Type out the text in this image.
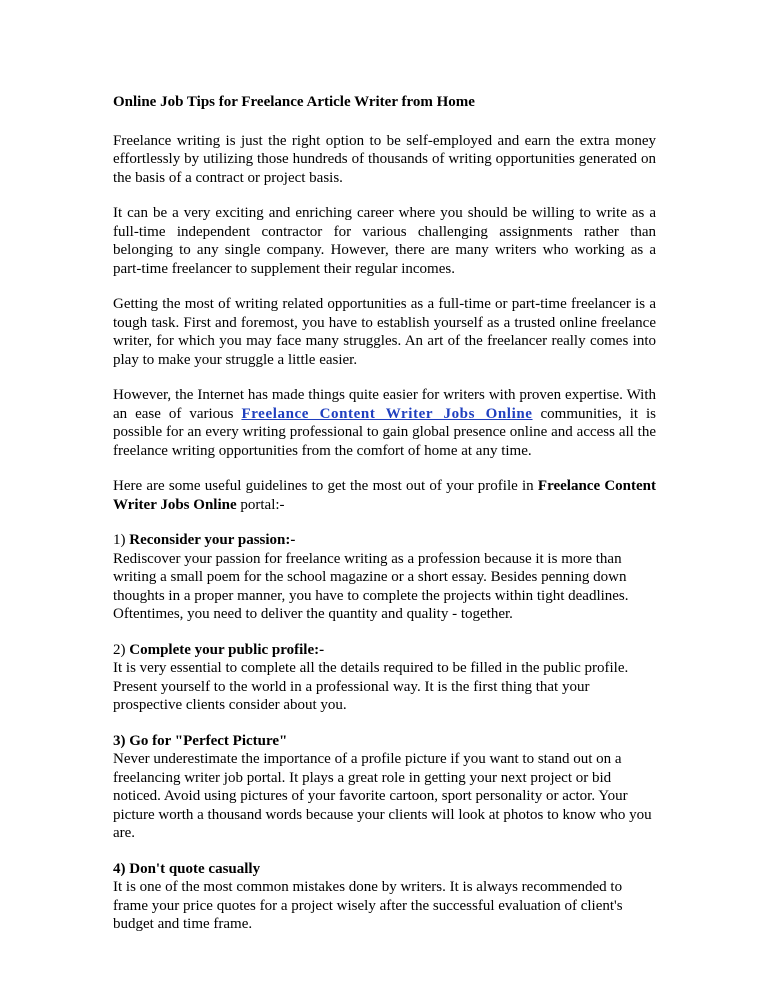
Online Job Tips for Freelance Article Writer from Home

Freelance writing is just the right option to be self-employed and earn the extra money effortlessly by utilizing those hundreds of thousands of writing opportunities generated on the basis of a contract or project basis.

It can be a very exciting and enriching career where you should be willing to write as a full-time independent contractor for various challenging assignments rather than belonging to any single company. However, there are many writers who working as a part-time freelancer to supplement their regular incomes.

Getting the most of writing related opportunities as a full-time or part-time freelancer is a tough task. First and foremost, you have to establish yourself as a trusted online freelance writer, for which you may face many struggles. An art of the freelancer really comes into play to make your struggle a little easier.

However, the Internet has made things quite easier for writers with proven expertise. With an ease of various Freelance Content Writer Jobs Online communities, it is possible for an every writing professional to gain global presence online and access all the freelance writing opportunities from the comfort of home at any time.

Here are some useful guidelines to get the most out of your profile in Freelance Content Writer Jobs Online portal:-

1) Reconsider your passion:-

Rediscover your passion for freelance writing as a profession because it is more than

writing a small poem for the school magazine or a short essay. Besides penning down

thoughts in a proper manner, you have to complete the projects within tight deadlines.

Oftentimes, you need to deliver the quantity and quality - together.

2) Complete your public profile:-

It is very essential to complete all the details required to be filled in the public profile.

Present yourself to the world in a professional way. It is the first thing that your

prospective clients consider about you.

3) Go for "Perfect Picture"

Never underestimate the importance of a profile picture if you want to stand out on a

freelancing writer job portal. It plays a great role in getting your next project or bid

noticed. Avoid using pictures of your favorite cartoon, sport personality or actor. Your

picture worth a thousand words because your clients will look at photos to know who you

are.

4) Don't quote casually

It is one of the most common mistakes done by writers. It is always recommended to

frame your price quotes for a project wisely after the successful evaluation of client's

budget and time frame.
